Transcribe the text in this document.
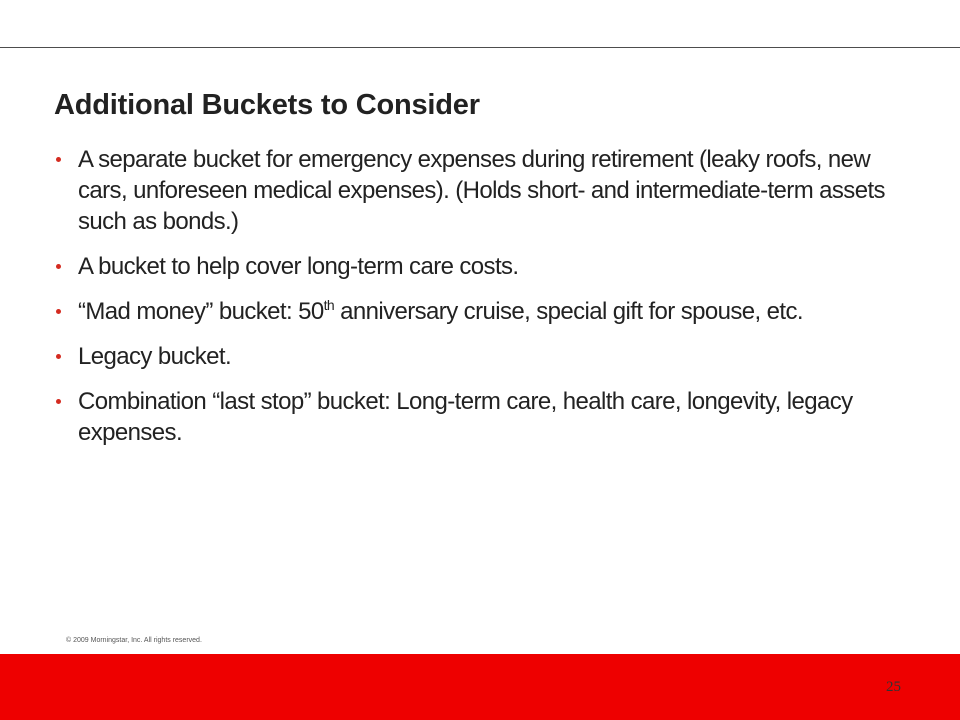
Additional Buckets to Consider
A separate bucket for emergency expenses during retirement (leaky roofs, new cars, unforeseen medical expenses). (Holds short- and intermediate-term assets such as bonds.)
A bucket to help cover long-term care costs.
“Mad money” bucket: 50th anniversary cruise, special gift for spouse, etc.
Legacy bucket.
Combination “last stop” bucket: Long-term care, health care, longevity, legacy expenses.

© 2009 Morningstar, Inc. All rights reserved.

25
